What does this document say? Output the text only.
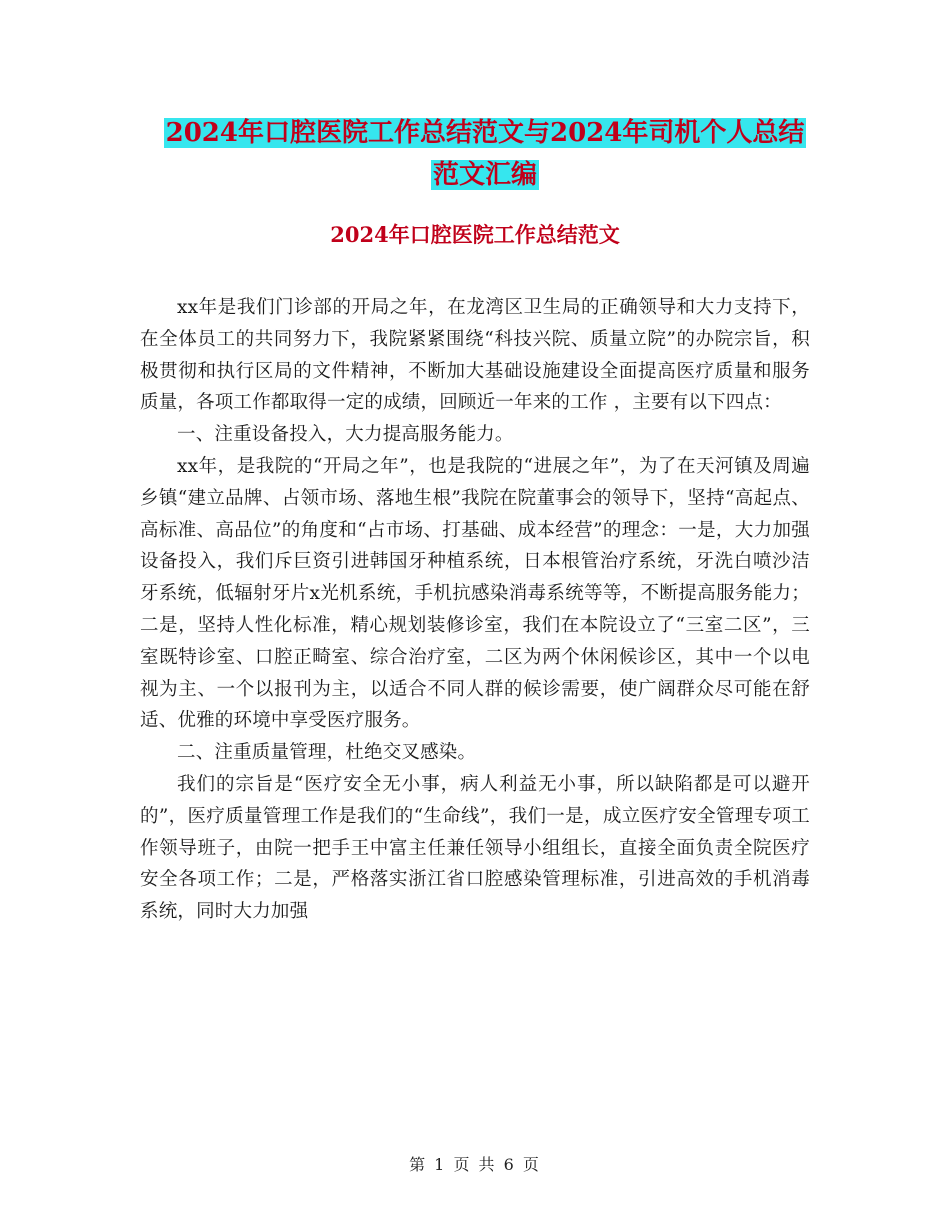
2024年口腔医院工作总结范文与2024年司机个人总结
范文汇编
2024年口腔医院工作总结范文

xx年是我们门诊部的开局之年，在龙湾区卫生局的正确领导和大力支持下，在全体员工的共同努力下，我院紧紧围绕“科技兴院、质量立院”的办院宗旨，积极贯彻和执行区局的文件精神，不断加大基础设施建设全面提高医疗质量和服务质量，各项工作都取得一定的成绩，回顾近一年来的工作 ，主要有以下四点：

一、注重设备投入，大力提高服务能力。

xx年，是我院的“开局之年”，也是我院的“进展之年”，为了在天河镇及周遍乡镇“建立品牌、占领市场、落地生根”我院在院董事会的领导下，坚持“高起点、高标准、高品位”的角度和“占市场、打基础、成本经营”的理念：一是，大力加强设备投入，我们斥巨资引进韩国牙种植系统，日本根管治疗系统，牙洗白喷沙洁牙系统，低辐射牙片x光机系统，手机抗感染消毒系统等等，不断提高服务能力；二是，坚持人性化标准，精心规划装修诊室，我们在本院设立了“三室二区”，三室既特诊室、口腔正畸室、综合治疗室，二区为两个休闲候诊区，其中一个以电视为主、一个以报刊为主，以适合不同人群的候诊需要，使广阔群众尽可能在舒适、优雅的环境中享受医疗服务。

二、注重质量管理，杜绝交叉感染。

我们的宗旨是“医疗安全无小事，病人利益无小事，所以缺陷都是可以避开的”，医疗质量管理工作是我们的“生命线”，我们一是，成立医疗安全管理专项工作领导班子，由院一把手王中富主任兼任领导小组组长，直接全面负责全院医疗安全各项工作；二是，严格落实浙江省口腔感染管理标准，引进高效的手机消毒系统，同时大力加强

第 1 页 共 6 页
